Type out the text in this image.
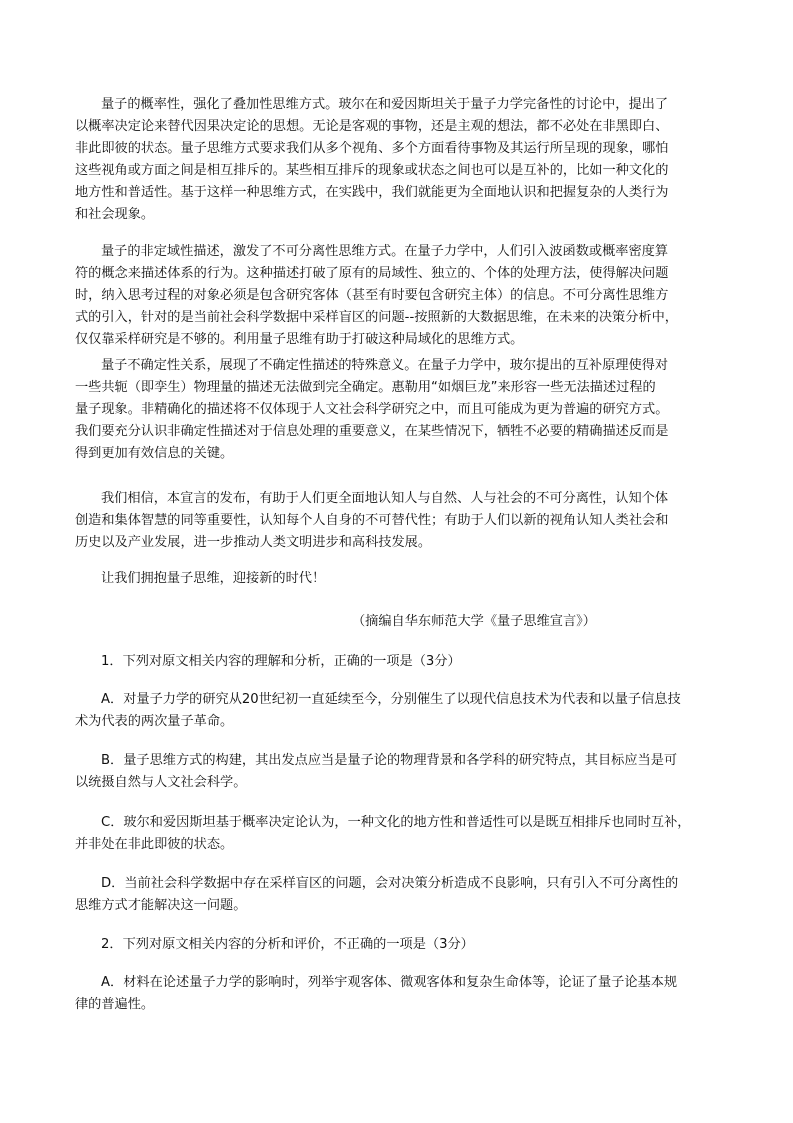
量子的概率性，强化了叠加性思维方式。玻尔在和爱因斯坦关于量子力学完备性的讨论中，提出了
以概率决定论来替代因果决定论的思想。无论是客观的事物，还是主观的想法，都不必处在非黑即白、
非此即彼的状态。量子思维方式要求我们从多个视角、多个方面看待事物及其运行所呈现的现象，哪怕
这些视角或方面之间是相互排斥的。某些相互排斥的现象或状态之间也可以是互补的，比如一种文化的
地方性和普适性。基于这样一种思维方式，在实践中，我们就能更为全面地认识和把握复杂的人类行为
和社会现象。
量子的非定域性描述，激发了不可分离性思维方式。在量子力学中，人们引入波函数或概率密度算
符的概念来描述体系的行为。这种描述打破了原有的局域性、独立的、个体的处理方法，使得解决问题
时，纳入思考过程的对象必须是包含研究客体（甚至有时要包含研究主体）的信息。不可分离性思维方
式的引入，针对的是当前社会科学数据中采样盲区的问题--按照新的大数据思维，在未来的决策分析中，
仅仅靠采样研究是不够的。利用量子思维有助于打破这种局域化的思维方式。
量子不确定性关系，展现了不确定性描述的特殊意义。在量子力学中，玻尔提出的互补原理使得对
一些共轭（即孪生）物理量的描述无法做到完全确定。惠勒用“如烟巨龙”来形容一些无法描述过程的
量子现象。非精确化的描述将不仅体现于人文社会科学研究之中，而且可能成为更为普遍的研究方式。
我们要充分认识非确定性描述对于信息处理的重要意义，在某些情况下，牺牲不必要的精确描述反而是
得到更加有效信息的关键。
我们相信，本宣言的发布，有助于人们更全面地认知人与自然、人与社会的不可分离性，认知个体
创造和集体智慧的同等重要性，认知每个人自身的不可替代性；有助于人们以新的视角认知人类社会和
历史以及产业发展，进一步推动人类文明进步和高科技发展。
让我们拥抱量子思维，迎接新的时代！
（摘编自华东师范大学《量子思维宣言》）
1．下列对原文相关内容的理解和分析，正确的一项是（3分）
A．对量子力学的研究从20世纪初一直延续至今，分别催生了以现代信息技术为代表和以量子信息技
术为代表的两次量子革命。
B．量子思维方式的构建，其出发点应当是量子论的物理背景和各学科的研究特点，其目标应当是可
以统摄自然与人文社会科学。
C．玻尔和爱因斯坦基于概率决定论认为，一种文化的地方性和普适性可以是既互相排斥也同时互补，
并非处在非此即彼的状态。
D．当前社会科学数据中存在采样盲区的问题，会对决策分析造成不良影响，只有引入不可分离性的
思维方式才能解决这一问题。
2．下列对原文相关内容的分析和评价，不正确的一项是（3分）
A．材料在论述量子力学的影响时，列举宇观客体、微观客体和复杂生命体等，论证了量子论基本规
律的普遍性。
